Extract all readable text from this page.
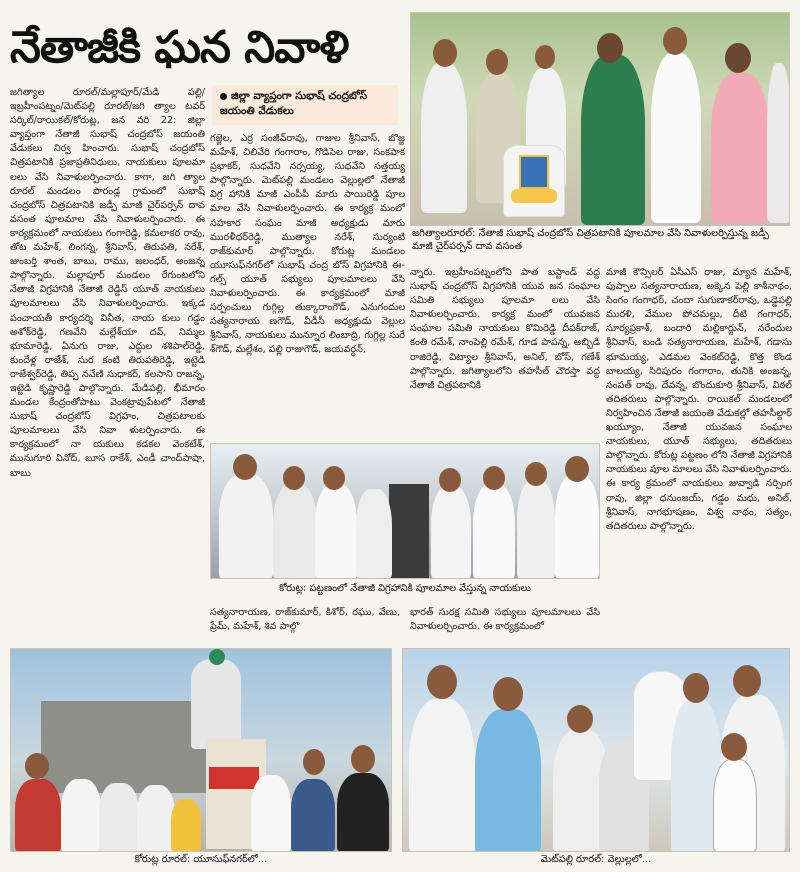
నేతాజీకి ఘన నివాళి
జిల్లా వ్యాప్తంగా సుభాష్ చంద్రబోస్ జయంతి వేడుకలు
జగిత్యాల రూరల్/మల్లాపూర్/మేడి పల్లి/ఇబ్రహీంపట్నం/మెట్‌పల్లి రూరల్/జగి త్యాల టవర్ సర్కిల్/రాయికల్/కోరుట్ల, జన వరి 22: జిల్లా వ్యాప్తంగా నేతాజీ సుభాష్ చంద్రబోస్ జయంతి వేడుకలు నిర్వ హించారు. సుభాష్ చంద్రబోస్ చిత్రపటానికి ప్రజాప్రతినిధులు, నాయకులు పూలమా లలు వేసి నివాళులర్పించారు. కాగా, జగి త్యాల రూరల్ మండలం పొరండ్ల గ్రామంలో సుభాష్ చంద్రబోస్ చిత్రపటానికి జడ్పీ మాజీ చైర్‌పర్సన్ దావ వసంత పూలమాల వేసి నివాళులర్పించారు. ఈ కార్యక్రమంలో నాయకులు గంగారెడ్డి, కమలాకర రావు, తోట మహేశ్, లింగన్న, శ్రీనివాస్, తిరుపతి, నరేశ్, జుంబర్తి శాంత, బాబు, రాము, జలంధర్, అంజన్న పాల్గొన్నారు. మల్లాపూర్ మండలం రేగుంటలోని నేతాజీ విగ్రహానికి నేతాజీ రెడ్డిస్ యూత్ నాయకులు పూలమాలలు వేసి నివాళులర్పించారు. ఇక్కడ పంచాయతీ కార్యదర్శి వినీత, నాయ కులు గడ్డం అశోక్‌రెడ్డి, గణవేని మల్లేశ్‌యా దవ్, నిమ్మల భూమారెడ్డి, ఏనుగు రాజు, ఎద్దుల శశిపాల్‌రెడ్డి, కుందేళ్ల రాజేశ్, సుర కంటి తిరుపతిరెడ్డి, ఇట్టెడి రాజేశ్వర్‌రెడ్డి, తిప్ప నవేణి సుధాకర్, కలసాని రాజన్న, ఇట్టెడి కృష్ణారెడ్డి పాల్గొన్నారు. మేడిపల్లి, భీమారం మండల కేంద్రంతోపాటు వెంకట్రావుపేటలో నేతాజీ సుభాష్ చంద్రబోస్ విగ్రహం, చిత్రపటాలకు పూలమాలలు వేసి నివా ళులర్పించారు. ఈ కార్యక్రమంలో నా యకులు కడకల వెంకటేశ్, మునుగూరి వినోద్, బూస రాకేశ్, ఎండీ చాంద్‌పాషా, బాబు
గజ్జెల, ఎర్ర సంజీవ్‌రావు, గాజుల శ్రీనివాస్, బొజ్జ మహేశ్, చిలివేరి గంగారాం, గొడిసెల రాజు, సంకపాక ప్రభాకర్, సుధవేని నర్సయ్య, సుధవేని సత్తయ్య పాల్గొన్నారు. మెట్‌పల్లి మండలం వెల్లుల్లలో నేతాజీ విగ్ర హానికి మాజీ ఎంపీపీ మారు సాయిరెడ్డి పూల మాల వేసి నివాళులర్పించారు. ఈ కార్యక్ర మంలో సహకార సంఘం మాజీ అధ్యక్షుడు మారు మురళీధర్‌రెడ్డి, ముత్యాల నరేశ్, సుర్యంటి రాజ్‌కుమార్ పాల్గొన్నారు. కోరుట్ల మండలం యూసుఫ్‌నగర్‌లో సుభాష్ చంద్ర బోస్ విగ్రహానికి ఈ-గల్స్ యూత్ సభ్యులు పూలమాలలు వేసి నివాళులర్పించారు. ఈ కార్యక్రమంలో మాజీ సర్పంచులు గుగ్గిల్ల తుక్కారాంగౌడ్, ఎనుగందుల సత్యనారాయ ణగౌడ్, వీడీసీ అధ్యక్షుడు వెల్లుల శ్రీనివాస్, నాయకులు మున్నూర లింబాద్రి, గుగ్గిల్ల సురే శ్‌గౌడ్, మల్లేశం, పల్లి రాజుగౌడ్, జయవర్ధన్,
న్నారు. ఇబ్రహీంపట్నంలోని పాత బస్టాండ్ వద్ద సుభాష్ చంద్రబోస్ విగ్రహానికి యువ జన సంఘాల సమితి సభ్యులు పూలమా లలు వేసి నివాళులర్పించారు. కార్యక్ర మంలో యువజన సంఘాల సమితి నాయకులు కొమిరెడ్డి దీపక్‌రాజ్, కంతి రమేశ్, నాంపెల్లి రమేశ్, గూడ పాపన్న, అబ్బిడి రాజిరెడ్డి, చిట్యాల శ్రీనివాస్, అనిల్, బోస్, గణేశ్ పాల్గొన్నారు. జగిత్యాలలోని తహసీల్ చౌరస్తా వద్ద నేతాజీ చిత్రపటానికి
మాజీ కౌన్సిలర్ ఏసీఎస్ రాజు, మ్యాన మహేశ్, పుప్పాల సత్యనారాయణ, అక్కెన పెల్లి కాశీనాథం, సింగం గంగాధర్, చందా సుగుణాకర్‌రావు, ఒడ్డెపల్లి మురళి, వేముల పోచమల్లు, దీటి గంగాధర్, సూర్యప్రకాశ్, బందారి మల్లికార్జున్, నరేందుల శ్రీనివాస్, బండి సత్యనారాయణ, మహేశ్, గడాసు భూమయ్య, ఎడమల వెంకట్‌రెడ్డి, కొత్త కొండ బాలయ్య, సిరిపురం గంగారాం, తునికి అంజన్న, సంపత్ రావు, దేవన్న, బొందుకూరి శ్రీనివాస్, విఠల్ తదితరులు పాల్గొన్నారు. రాయికల్ మండలంలో నిర్వహించిన నేతాజీ జయంతి వేడుకల్లో తహసీల్దార్ ఖయ్యూం, నేతాజీ యువజన సంఘాల నాయకులు, యూత్ సభ్యులు, తదితరులు పాల్గొన్నారు. కోరుట్ల పట్టణం లోని నేతాజీ విగ్రహానికి నాయకులు పూల మాలలు వేసి నివాళులర్పించారు. ఈ కార్య క్రమంలో నాయకులు జువ్వాడి నర్సింగ రావు, జిల్లా ధనుంజయ్, గడ్డం మధు, అనిల్, శ్రీనివాస్, నాగభూషణం, విశ్వ నాథం, సత్యం, తదితరులు పాల్గొన్నారు.
సత్యనారాయణ, రాజ్‌కుమార్, కిశోర్, రఘు, వేణు, ప్రేమ్, మహేశ్, శివ పాల్గొ
భారత్ సురక్ష సమితి సభ్యులు పూలమాలలు వేసి నివాళులర్పించారు. ఈ కార్యక్రమంలో
జగిత్యాలరూరల్: నేతాజీ సుభాష్ చంద్రబోస్ చిత్రపటానికి పూలమాల వేసి నివాళులర్పిస్తున్న జడ్పీ మాజీ చైర్‌పర్సన్ దావ వసంత
కోరుట్ల: పట్టణంలో నేతాజీ విగ్రహానికి పూలమాల వేస్తున్న నాయకులు
కోరుట్ల రూరల్: యూసుఫ్‌నగర్‌లో...	మెట్‌పల్లి రూరల్: వెల్లుల్లలో...
